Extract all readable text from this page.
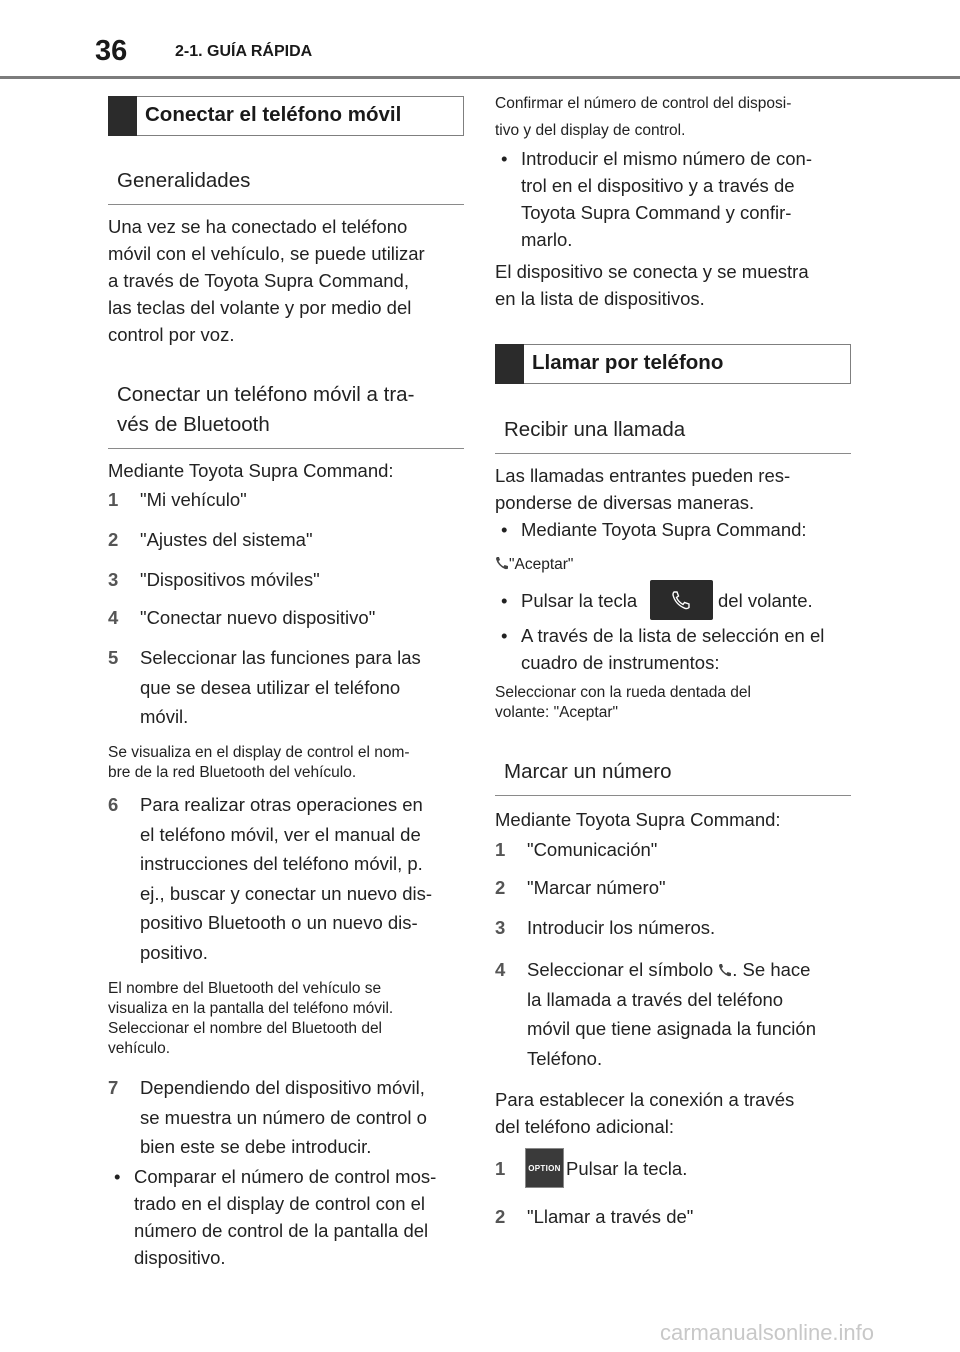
36	2-1. GUÍA RÁPIDA
Conectar el teléfono móvil
Generalidades
Una vez se ha conectado el teléfono
móvil con el vehículo, se puede utilizar
a través de Toyota Supra Command,
las teclas del volante y por medio del
control por voz.
Conectar un teléfono móvil a tra-
vés de Bluetooth
Mediante Toyota Supra Command:
1 "Mi vehículo"
2 "Ajustes del sistema"
3 "Dispositivos móviles"
4 "Conectar nuevo dispositivo"
5 Seleccionar las funciones para las
que se desea utilizar el teléfono
móvil.
Se visualiza en el display de control el nom-
bre de la red Bluetooth del vehículo.
6 Para realizar otras operaciones en
el teléfono móvil, ver el manual de
instrucciones del teléfono móvil, p.
ej., buscar y conectar un nuevo dis-
positivo Bluetooth o un nuevo dis-
positivo.
El nombre del Bluetooth del vehículo se
visualiza en la pantalla del teléfono móvil.
Seleccionar el nombre del Bluetooth del
vehículo.
7 Dependiendo del dispositivo móvil,
se muestra un número de control o
bien este se debe introducir.
• Comparar el número de control mos-
trado en el display de control con el
número de control de la pantalla del
dispositivo.
Confirmar el número de control del disposi-
tivo y del display de control.
• Introducir el mismo número de con-
trol en el dispositivo y a través de
Toyota Supra Command y confir-
marlo.
El dispositivo se conecta y se muestra
en la lista de dispositivos.
Llamar por teléfono
Recibir una llamada
Las llamadas entrantes pueden res-
ponderse de diversas maneras.
• Mediante Toyota Supra Command:
"Aceptar"
• Pulsar la tecla	del volante.
• A través de la lista de selección en el
cuadro de instrumentos:
Seleccionar con la rueda dentada del
volante: "Aceptar"
Marcar un número
Mediante Toyota Supra Command:
1 "Comunicación"
2 "Marcar número"
3 Introducir los números.
4 Seleccionar el símbolo . Se hace
la llamada a través del teléfono
móvil que tiene asignada la función
Teléfono.
Para establecer la conexión a través
del teléfono adicional:
1	Pulsar la tecla.
OPTION
2 "Llamar a través de"
carmanualsonline.info
